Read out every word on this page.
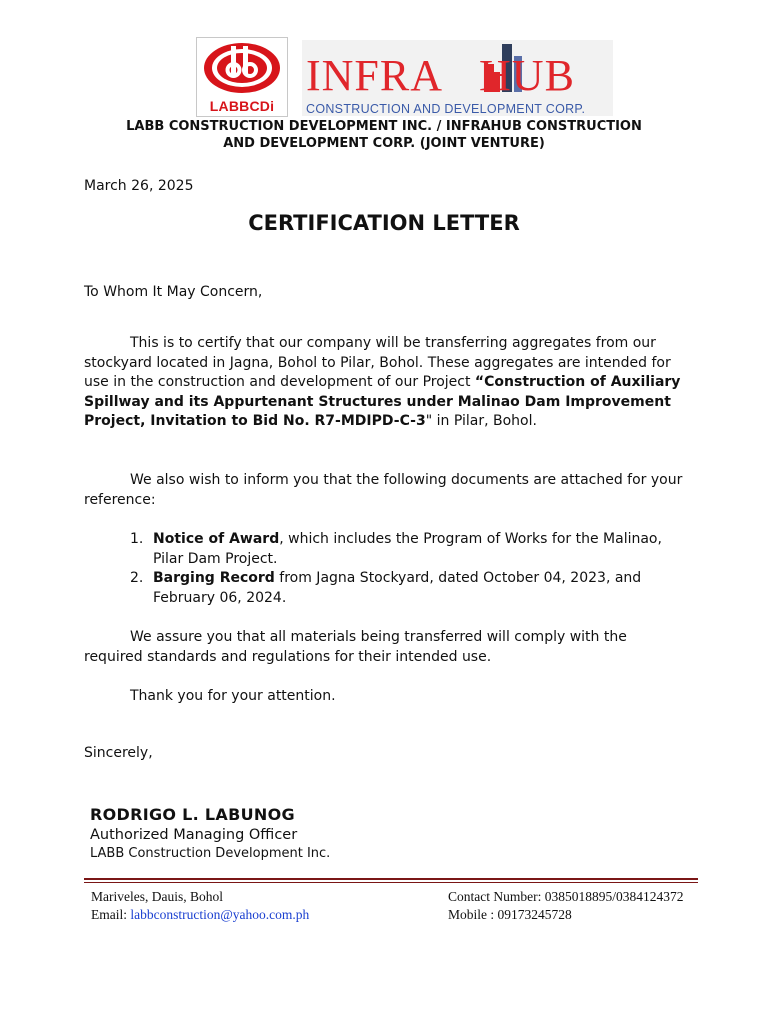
LABBCDi
INFRA   HUB
CONSTRUCTION AND DEVELOPMENT CORP.
LABB CONSTRUCTION DEVELOPMENT INC. / INFRAHUB CONSTRUCTION
AND DEVELOPMENT CORP. (JOINT VENTURE)
March 26, 2025
CERTIFICATION LETTER
To Whom It May Concern,
This is to certify that our company will be transferring aggregates from our stockyard located in Jagna, Bohol to Pilar, Bohol. These aggregates are intended for use in the construction and development of our Project “Construction of Auxiliary Spillway and its Appurtenant Structures under Malinao Dam Improvement Project, Invitation to Bid No. R7-MDIPD-C-3" in Pilar, Bohol.
We also wish to inform you that the following documents are attached for your reference:
1. Notice of Award, which includes the Program of Works for the Malinao, Pilar Dam Project.
2. Barging Record from Jagna Stockyard, dated October 04, 2023, and February 06, 2024.
We assure you that all materials being transferred will comply with the required standards and regulations for their intended use.
Thank you for your attention.
Sincerely,
RODRIGO L. LABUNOG
Authorized Managing Officer
LABB Construction Development Inc.
Mariveles, Dauis, Bohol
Email: labbconstruction@yahoo.com.ph
Contact Number: 0385018895/0384124372
Mobile : 09173245728
